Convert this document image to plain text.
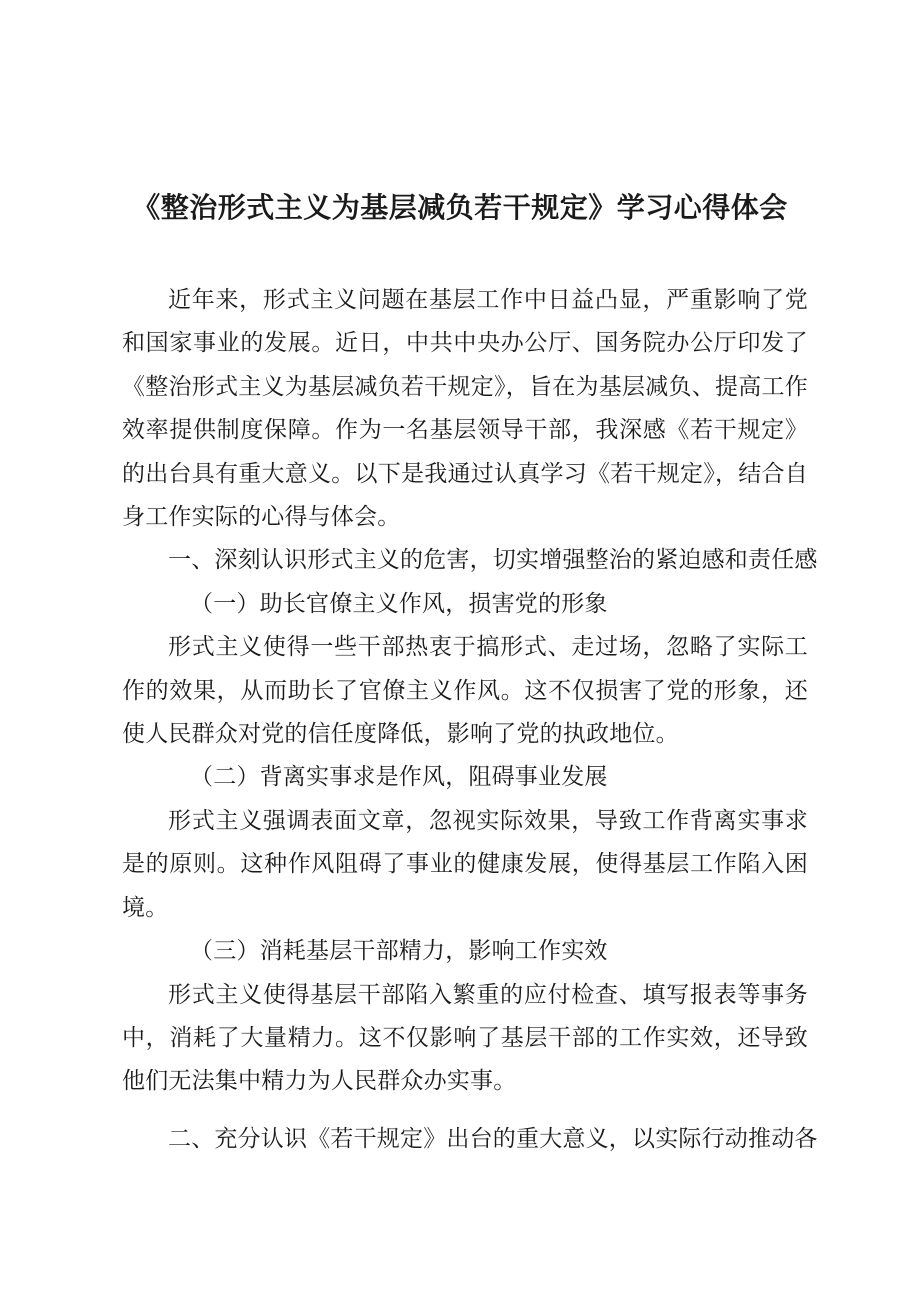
《整治形式主义为基层减负若干规定》学习心得体会

近年来，形式主义问题在基层工作中日益凸显，严重影响了党和国家事业的发展。近日，中共中央办公厅、国务院办公厅印发了《整治形式主义为基层减负若干规定》，旨在为基层减负、提高工作效率提供制度保障。作为一名基层领导干部，我深感《若干规定》的出台具有重大意义。以下是我通过认真学习《若干规定》，结合自身工作实际的心得与体会。

一、深刻认识形式主义的危害，切实增强整治的紧迫感和责任感

（一）助长官僚主义作风，损害党的形象

形式主义使得一些干部热衷于搞形式、走过场，忽略了实际工作的效果，从而助长了官僚主义作风。这不仅损害了党的形象，还使人民群众对党的信任度降低，影响了党的执政地位。

（二）背离实事求是作风，阻碍事业发展

形式主义强调表面文章，忽视实际效果，导致工作背离实事求是的原则。这种作风阻碍了事业的健康发展，使得基层工作陷入困境。

（三）消耗基层干部精力，影响工作实效

形式主义使得基层干部陷入繁重的应付检查、填写报表等事务中，消耗了大量精力。这不仅影响了基层干部的工作实效，还导致他们无法集中精力为人民群众办实事。

二、充分认识《若干规定》出台的重大意义，以实际行动推动各
